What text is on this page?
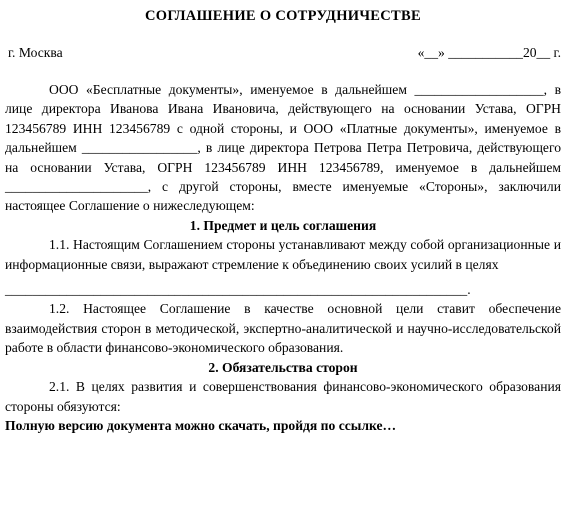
СОГЛАШЕНИЕ О СОТРУДНИЧЕСТВЕ
г. Москва	«__» ___________20__ г.

ООО «Бесплатные документы», именуемое в дальнейшем ___________________, в лице директора Иванова Ивана Ивановича, действующего на основании Устава, ОГРН 123456789 ИНН 123456789 с одной стороны, и ООО «Платные документы», именуемое в дальнейшем _________________, в лице директора Петрова Петра Петровича, действующего на основании Устава, ОГРН 123456789 ИНН 123456789, именуемое в дальнейшем _____________________, с другой стороны, вместе именуемые «Стороны», заключили настоящее Соглашение о нижеследующем:

1. Предмет и цель соглашения

1.1. Настоящим Соглашением стороны устанавливают между собой организационные и информационные связи, выражают стремление к объединению своих усилий в целях

____________________________________________________________________.

1.2. Настоящее Соглашение в качестве основной цели ставит обеспечение взаимодействия сторон в методической, экспертно-аналитической и научно-исследовательской работе в области финансово-экономического образования.

2. Обязательства сторон

2.1. В целях развития и совершенствования финансово-экономического образования стороны обязуются:

Полную версию документа можно скачать, пройдя по ссылке…
